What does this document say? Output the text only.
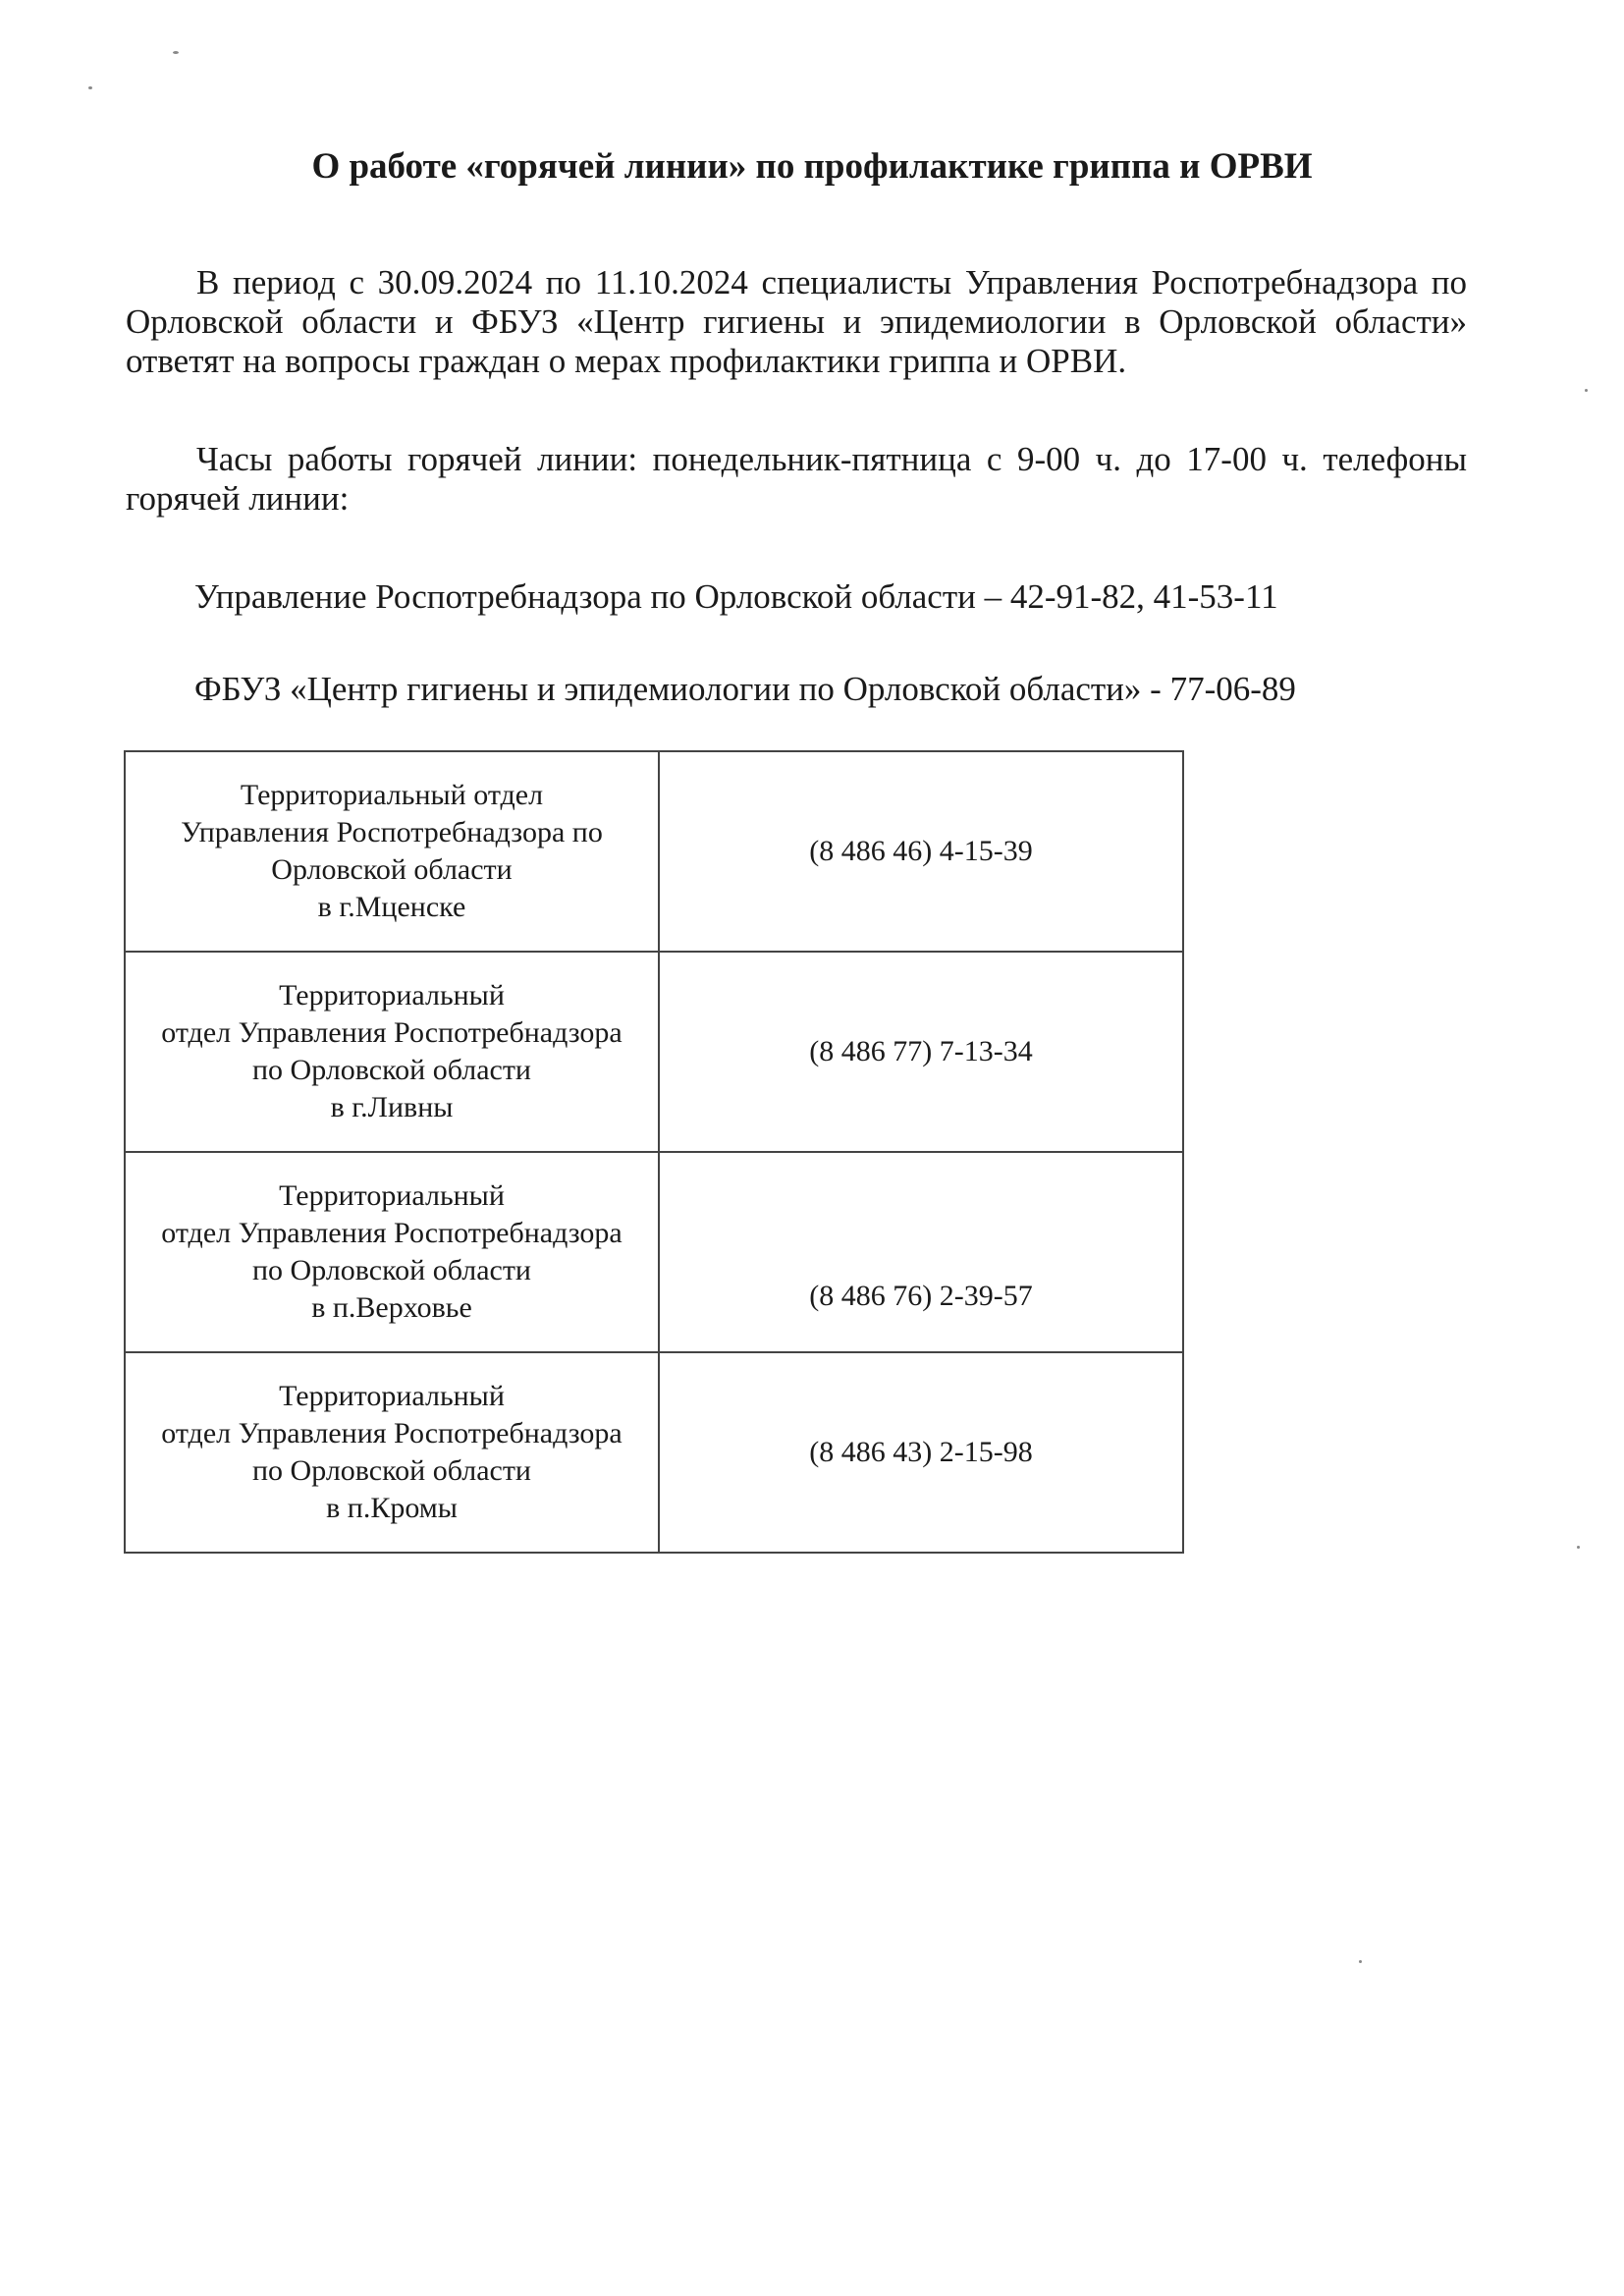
О работе «горячей линии» по профилактике гриппа и ОРВИ

В период с 30.09.2024 по 11.10.2024 специалисты Управления Роспотребнадзора по Орловской области и ФБУЗ «Центр гигиены и эпидемиологии в Орловской области» ответят на вопросы граждан о мерах профилактики гриппа и ОРВИ.

Часы работы горячей линии: понедельник-пятница с 9-00 ч. до 17-00 ч. телефоны горячей линии:

Управление Роспотребнадзора по Орловской области – 42-91-82, 41-53-11
ФБУЗ «Центр гигиены и эпидемиологии по Орловской области» - 77-06-89
Территориальный отдел
Управления Роспотребнадзора по
Орловской области
в г.Мценске	(8 486 46) 4-15-39

Территориальный
отдел Управления Роспотребнадзора
по Орловской области
в г.Ливны	(8 486 77) 7-13-34

Территориальный
отдел Управления Роспотребнадзора
по Орловской области
в п.Верховье	(8 486 76) 2-39-57

Территориальный
отдел Управления Роспотребнадзора
по Орловской области
в п.Кромы	(8 486 43) 2-15-98
